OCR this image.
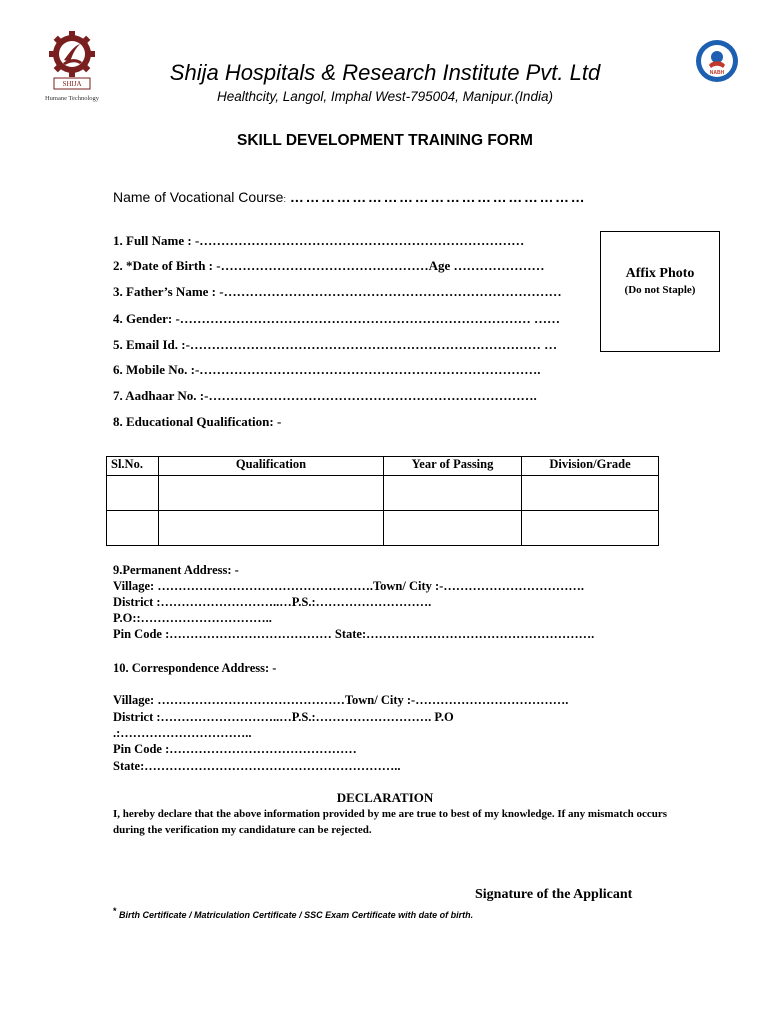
SHIJA
Humane Technology
NABH
Shija Hospitals & Research Institute Pvt. Ltd
Healthcity, Langol, Imphal West-795004, Manipur.(India)
SKILL DEVELOPMENT TRAINING FORM
Name of Vocational Course: …………………………………………………
1. Full Name : -…………………………………………………………………
2. *Date of Birth : -…………………………………………Age …………………
3. Father’s Name : -……………………………………………………………………
4. Gender: -……………………………………………………………………… ……
5. Email Id. :-……………………………………………………………………… …
6. Mobile No. :-…………………………………………………………………….
7. Aadhaar No. :-………………………………………………………………….
8. Educational Qualification: -
Affix Photo
(Do not Staple)
Sl.No.	Qualification	Year of Passing	Division/Grade

9.Permanent Address: -
Village: …………………………………………….Town/ City :-…………………………….
District :………………………..…P.S.:……………………….
P.O::…………………………..
Pin Code :………………………………… State:……………………………………………….
10. Correspondence Address: -
Village: ………………………………………Town/ City :-……………………………….
District :………………………..…P.S.:………………………. P.O
.:…………………………..
Pin Code :………………………………………
State:……………………………………………………..
DECLARATION
I, hereby declare that the above information provided by me are true to best of my knowledge. If any mismatch occurs during the verification my candidature can be rejected.
Signature of the Applicant
* Birth Certificate / Matriculation Certificate / SSC Exam Certificate with date of birth.
